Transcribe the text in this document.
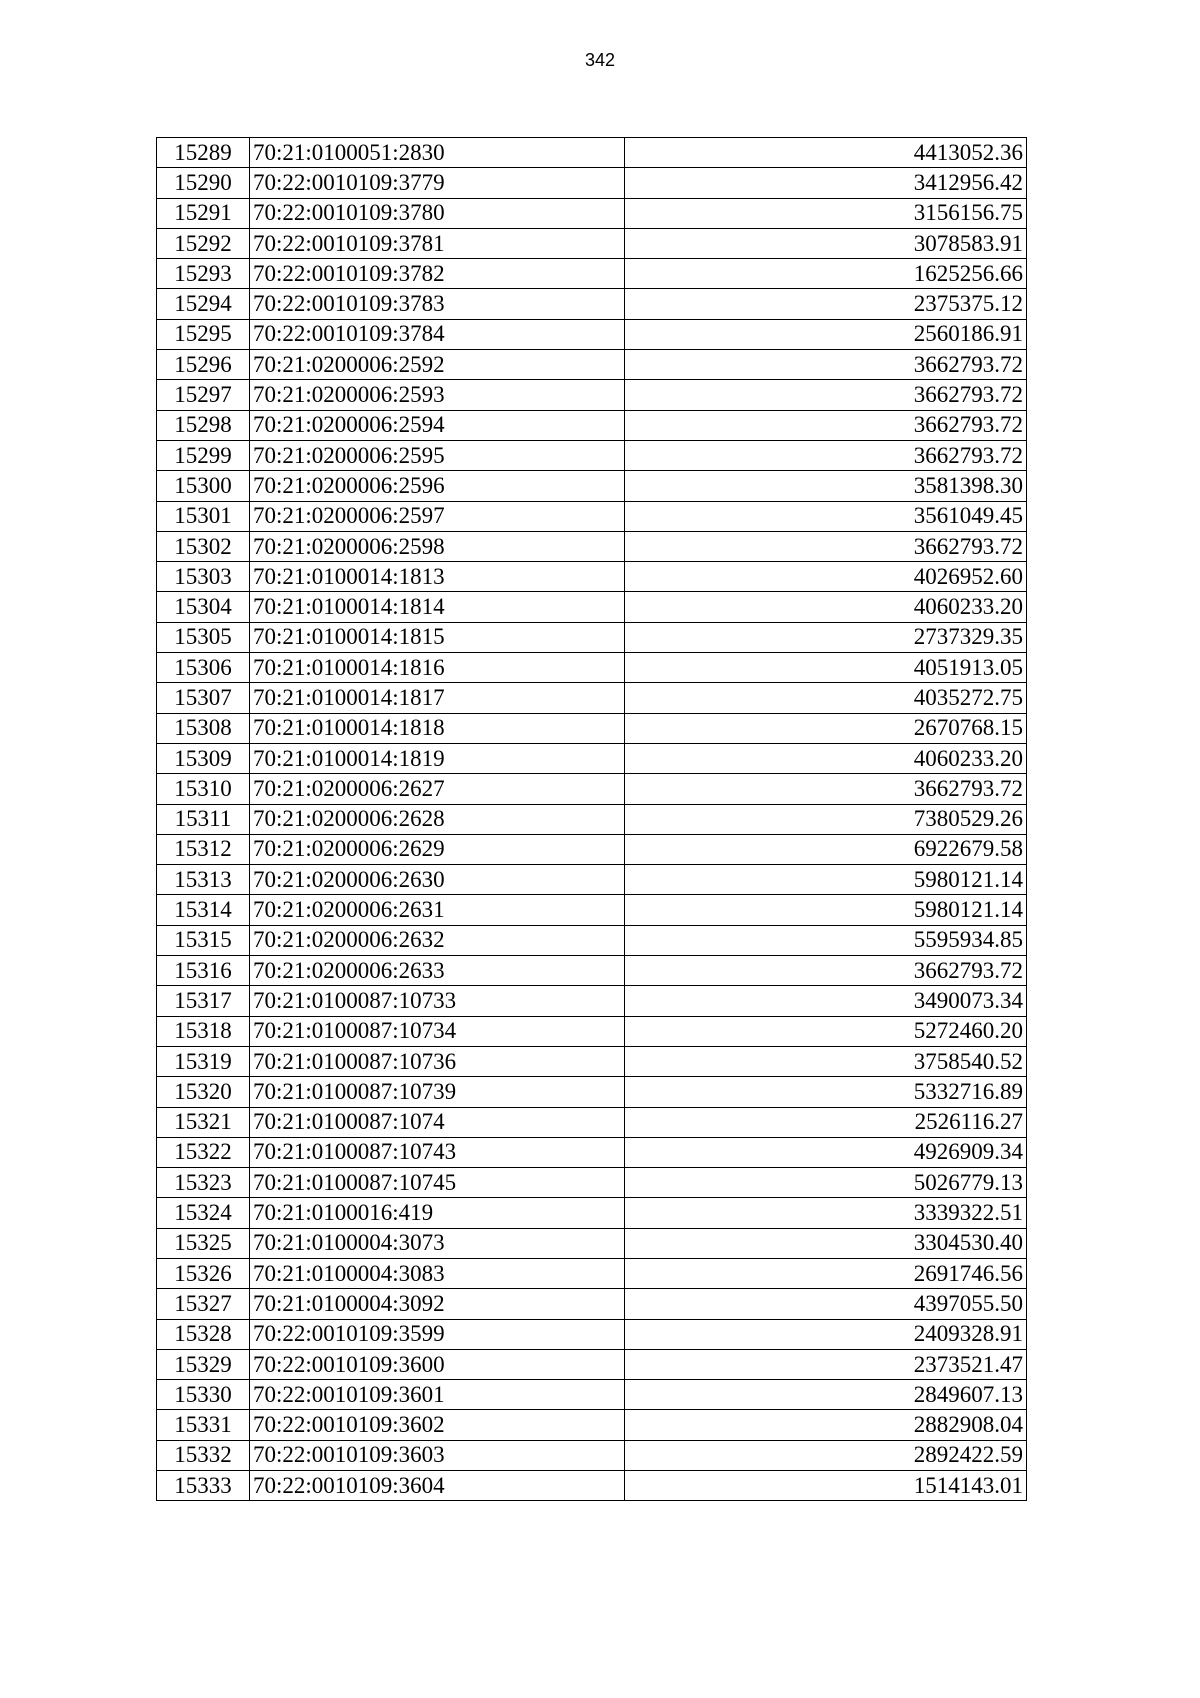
342
15289	70:21:0100051:2830	4413052.36
15290	70:22:0010109:3779	3412956.42
15291	70:22:0010109:3780	3156156.75
15292	70:22:0010109:3781	3078583.91
15293	70:22:0010109:3782	1625256.66
15294	70:22:0010109:3783	2375375.12
15295	70:22:0010109:3784	2560186.91
15296	70:21:0200006:2592	3662793.72
15297	70:21:0200006:2593	3662793.72
15298	70:21:0200006:2594	3662793.72
15299	70:21:0200006:2595	3662793.72
15300	70:21:0200006:2596	3581398.30
15301	70:21:0200006:2597	3561049.45
15302	70:21:0200006:2598	3662793.72
15303	70:21:0100014:1813	4026952.60
15304	70:21:0100014:1814	4060233.20
15305	70:21:0100014:1815	2737329.35
15306	70:21:0100014:1816	4051913.05
15307	70:21:0100014:1817	4035272.75
15308	70:21:0100014:1818	2670768.15
15309	70:21:0100014:1819	4060233.20
15310	70:21:0200006:2627	3662793.72
15311	70:21:0200006:2628	7380529.26
15312	70:21:0200006:2629	6922679.58
15313	70:21:0200006:2630	5980121.14
15314	70:21:0200006:2631	5980121.14
15315	70:21:0200006:2632	5595934.85
15316	70:21:0200006:2633	3662793.72
15317	70:21:0100087:10733	3490073.34
15318	70:21:0100087:10734	5272460.20
15319	70:21:0100087:10736	3758540.52
15320	70:21:0100087:10739	5332716.89
15321	70:21:0100087:1074	2526116.27
15322	70:21:0100087:10743	4926909.34
15323	70:21:0100087:10745	5026779.13
15324	70:21:0100016:419	3339322.51
15325	70:21:0100004:3073	3304530.40
15326	70:21:0100004:3083	2691746.56
15327	70:21:0100004:3092	4397055.50
15328	70:22:0010109:3599	2409328.91
15329	70:22:0010109:3600	2373521.47
15330	70:22:0010109:3601	2849607.13
15331	70:22:0010109:3602	2882908.04
15332	70:22:0010109:3603	2892422.59
15333	70:22:0010109:3604	1514143.01
